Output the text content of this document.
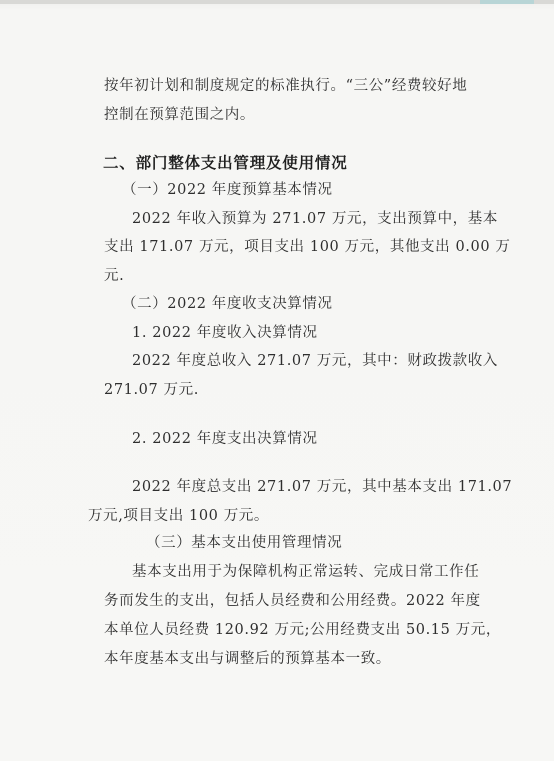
按年初计划和制度规定的标准执行。“三公”经费较好地
控制在预算范围之内。
二、部门整体支出管理及使用情况
（一）2022 年度预算基本情况
2022 年收入预算为 271.07 万元，支出预算中，基本
支出 171.07 万元，项目支出 100 万元，其他支出 0.00 万
元.
（二）2022 年度收支决算情况
1. 2022 年度收入决算情况
2022 年度总收入 271.07 万元，其中：财政拨款收入
271.07 万元.
2. 2022 年度支出决算情况
2022 年度总支出 271.07 万元，其中基本支出 171.07
万元,项目支出 100 万元。
（三）基本支出使用管理情况
基本支出用于为保障机构正常运转、完成日常工作任
务而发生的支出，包括人员经费和公用经费。2022 年度
本单位人员经费 120.92 万元;公用经费支出 50.15 万元，
本年度基本支出与调整后的预算基本一致。
